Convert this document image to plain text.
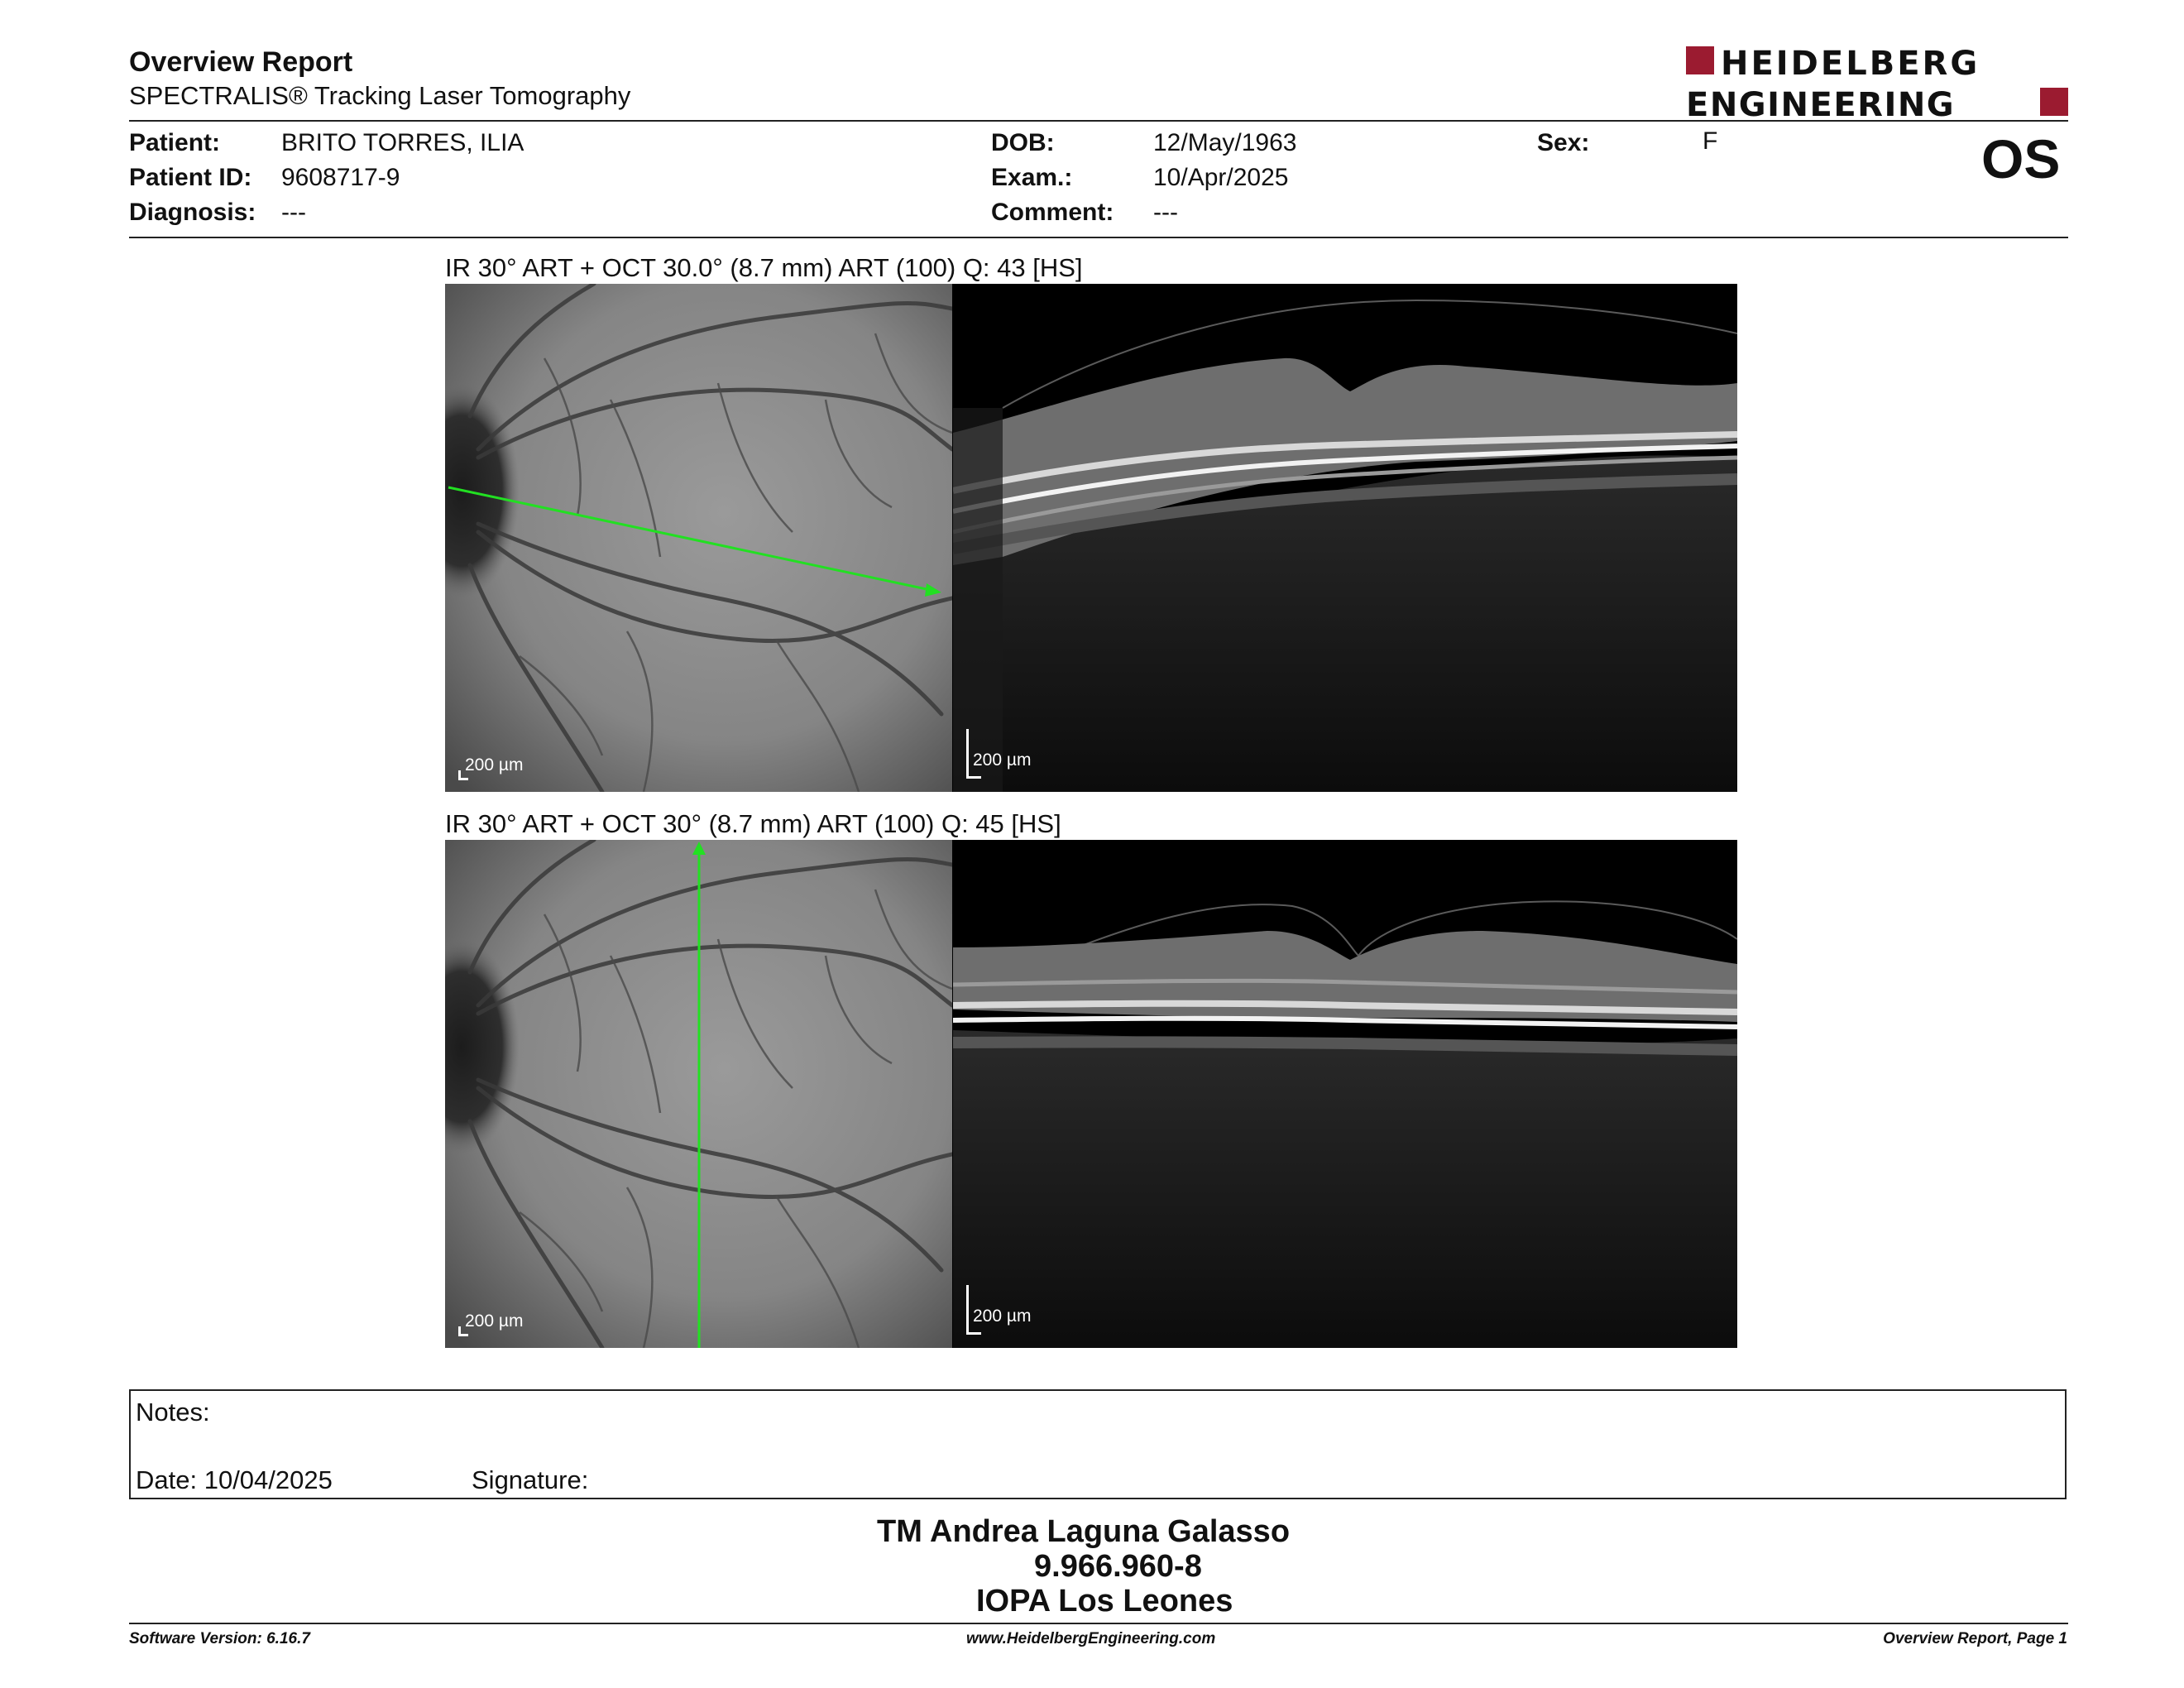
Overview Report
SPECTRALIS® Tracking Laser Tomography
HEIDELBERG
ENGINEERING
Patient: BRITO TORRES, ILIA
Patient ID: 9608717-9
Diagnosis: ---
DOB:	12/May/1963
Exam.:	10/Apr/2025
Comment: ---
Sex:	F	OS
IR 30° ART + OCT 30.0° (8.7 mm) ART (100) Q: 43 [HS]
200 µm	200 µm
IR 30° ART + OCT 30° (8.7 mm) ART (100) Q: 45 [HS]
200 µm	200 µm
Notes:
Date: 10/04/2025	Signature:
TM Andrea Laguna Galasso
9.966.960-8
IOPA Los Leones
Software Version: 6.16.7	www.HeidelbergEngineering.com	Overview Report, Page 1
